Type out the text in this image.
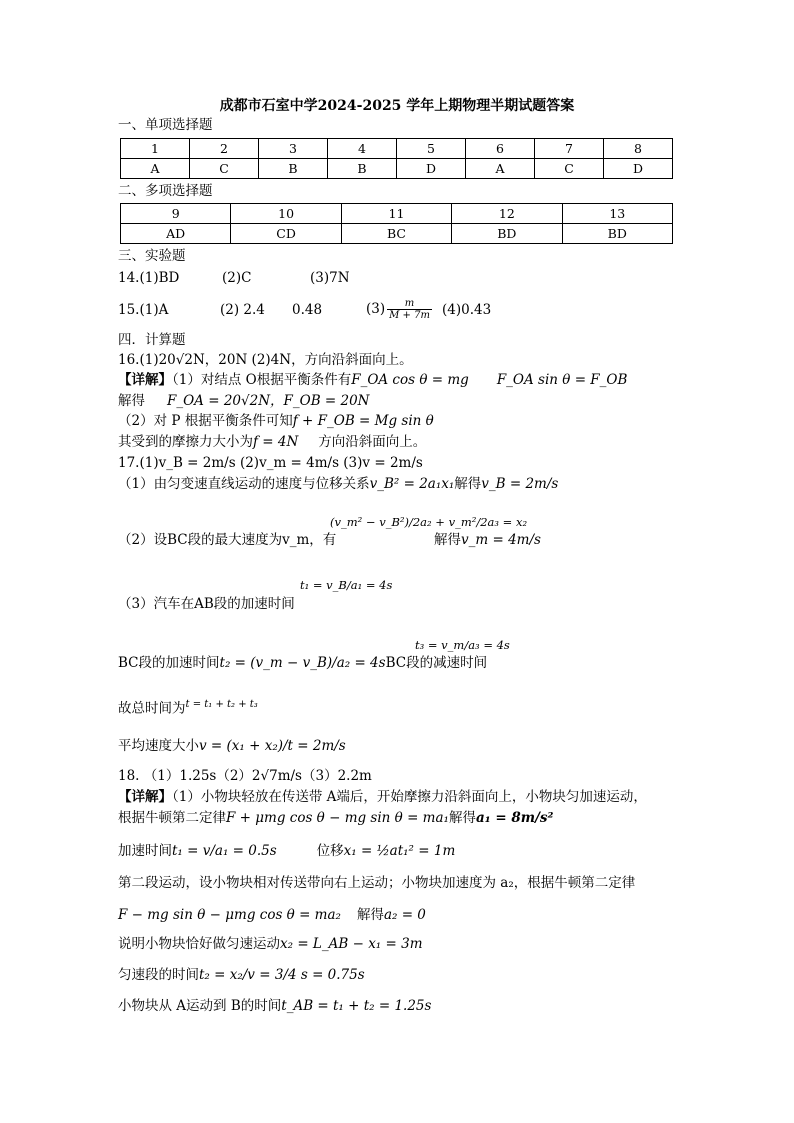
成都市石室中学2024-2025 学年上期物理半期试题答案
一、单项选择题
1	2	3	4	5	6	7	8
A	C	B	B	D	A	C	D
二、多项选择题
9	10	11	12	13
AD	CD	BC	BD	BD
三、实验题
14.(1)BD	(2)C	(3)7N
15.(1)A	(2) 2.4 0.48	$(3) \frac{m}{M + 7m} (4)0.43$
四．计算题
16.(1)20√2N，20N (2)4N，方向沿斜面向上。
【详解】（1）对结点 O根据平衡条件有F_OA cos θ = mg F_OA sin θ = F_OB
解得 F_OA = 20√2N，F_OB = 20N
（2）对 P 根据平衡条件可知f + F_OB = Mg sin θ
其受到的摩擦力大小为f = 4N 方向沿斜面向上。
17.(1)v_B = 2m/s (2)v_m = 4m/s (3)v = 2m/s
（1）由匀变速直线运动的速度与位移关系v_B² = 2a₁x₁解得v_B = 2m/s
（2）设BC段的最大速度为v_m，有
(v_m² − v_B²)/2a₂ + v_m²/2a₃ = x₂
解得v_m = 4m/s
（3）汽车在AB段的加速时间
t₁ = v_B/a₁ = 4s
BC段的加速时间t₂ = (v_m − v_B)/a₂ = 4sBC段的减速时间
t₃ = v_m/a₃ = 4s
故总时间为$^{t = t_1 + t_2 + t_3}$
平均速度大小v = (x₁ + x₂)/t = 2m/s
18. （1）1.25s（2）2√7m/s（3）2.2m
【详解】（1）小物块轻放在传送带 A端后，开始摩擦力沿斜面向上，小物块匀加速运动，
根据牛顿第二定律F + μmg cos θ − mg sin θ = ma₁解得a₁ = 8m/s²
加速时间t₁ = v/a₁ = 0.5s	位移x₁ = ½at₁² = 1m
第二段运动，设小物块相对传送带向右上运动；小物块加速度为 a₂，根据牛顿第二定律
F − mg sin θ − μmg cos θ = ma₂ 解得a₂ = 0
说明小物块恰好做匀速运动x₂ = L_AB − x₁ = 3m
匀速段的时间t₂ = x₂/v = 3/4 s = 0.75s
小物块从 A运动到 B的时间t_AB = t₁ + t₂ = 1.25s
